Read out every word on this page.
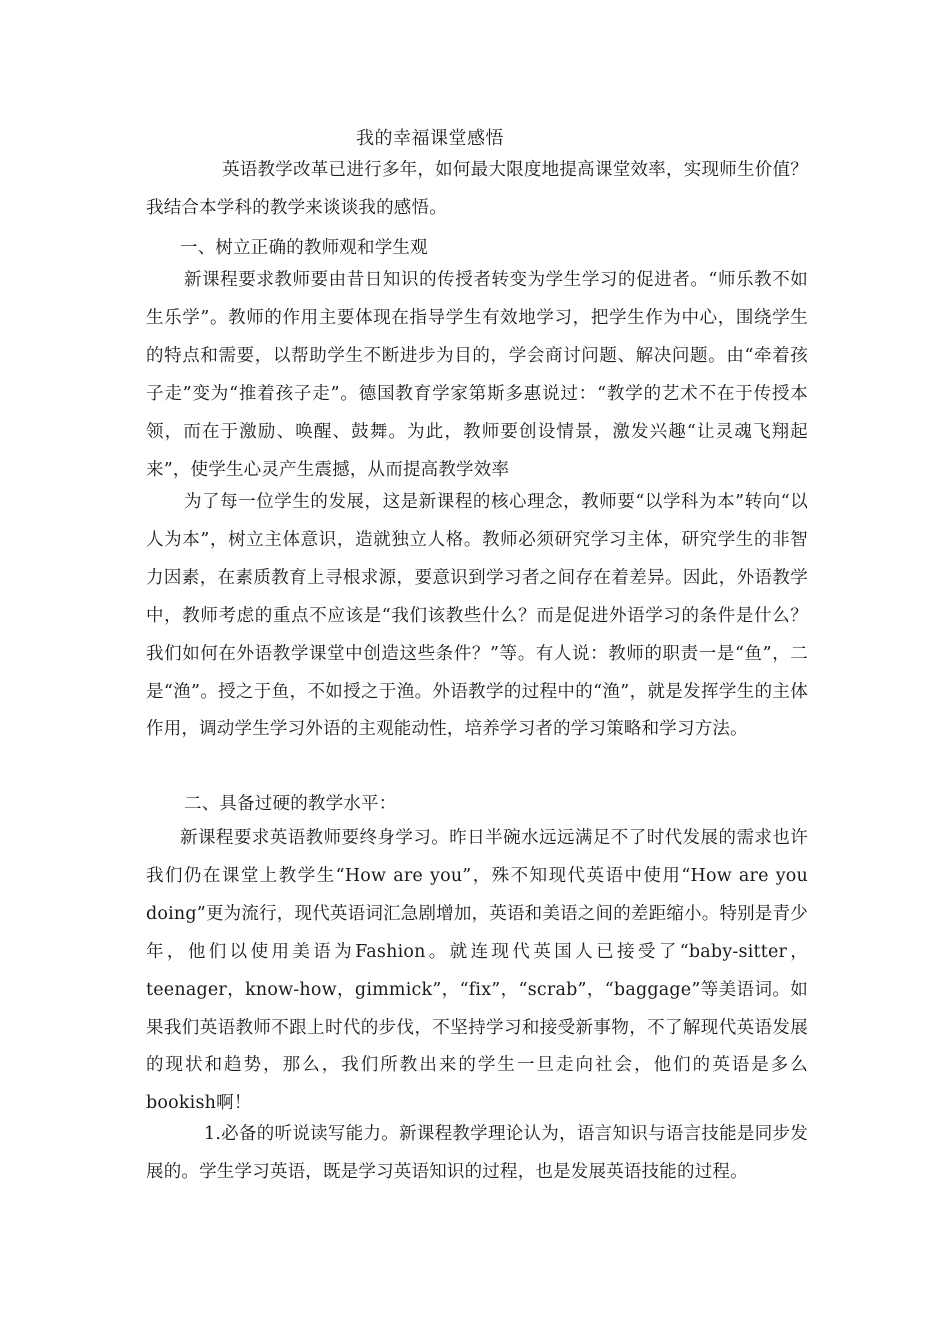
我的幸福课堂感悟
英语教学改革已进行多年，如何最大限度地提高课堂效率，实现师生价值？我结合本学科的教学来谈谈我的感悟。
一、树立正确的教师观和学生观
新课程要求教师要由昔日知识的传授者转变为学生学习的促进者。“师乐教不如生乐学”。教师的作用主要体现在指导学生有效地学习，把学生作为中心，围绕学生的特点和需要，以帮助学生不断进步为目的，学会商讨问题、解决问题。由“牵着孩子走”变为“推着孩子走”。德国教育学家第斯多惠说过：“教学的艺术不在于传授本领，而在于激励、唤醒、鼓舞。为此，教师要创设情景，激发兴趣“让灵魂飞翔起来”，使学生心灵产生震撼，从而提高教学效率
为了每一位学生的发展，这是新课程的核心理念，教师要“以学科为本”转向“以人为本”，树立主体意识，造就独立人格。教师必须研究学习主体，研究学生的非智力因素，在素质教育上寻根求源，要意识到学习者之间存在着差异。因此，外语教学中，教师考虑的重点不应该是“我们该教些什么？而是促进外语学习的条件是什么？我们如何在外语教学课堂中创造这些条件？”等。有人说：教师的职责一是“鱼”，二是“渔”。授之于鱼，不如授之于渔。外语教学的过程中的“渔”，就是发挥学生的主体作用，调动学生学习外语的主观能动性，培养学习者的学习策略和学习方法。
二、具备过硬的教学水平：
新课程要求英语教师要终身学习。昨日半碗水远远满足不了时代发展的需求也许我们仍在课堂上教学生“How are you”，殊不知现代英语中使用“How are you doing”更为流行，现代英语词汇急剧增加，英语和美语之间的差距缩小。特别是青少年，他们以使用美语为Fashion。就连现代英国人已接受了“baby-sitter，teenager，know-how，gimmick”，“fix”，“scrab”，“baggage”等美语词。如果我们英语教师不跟上时代的步伐，不坚持学习和接受新事物，不了解现代英语发展的现状和趋势，那么，我们所教出来的学生一旦走向社会，他们的英语是多么bookish啊！
1.必备的听说读写能力。新课程教学理论认为，语言知识与语言技能是同步发展的。学生学习英语，既是学习英语知识的过程，也是发展英语技能的过程。
